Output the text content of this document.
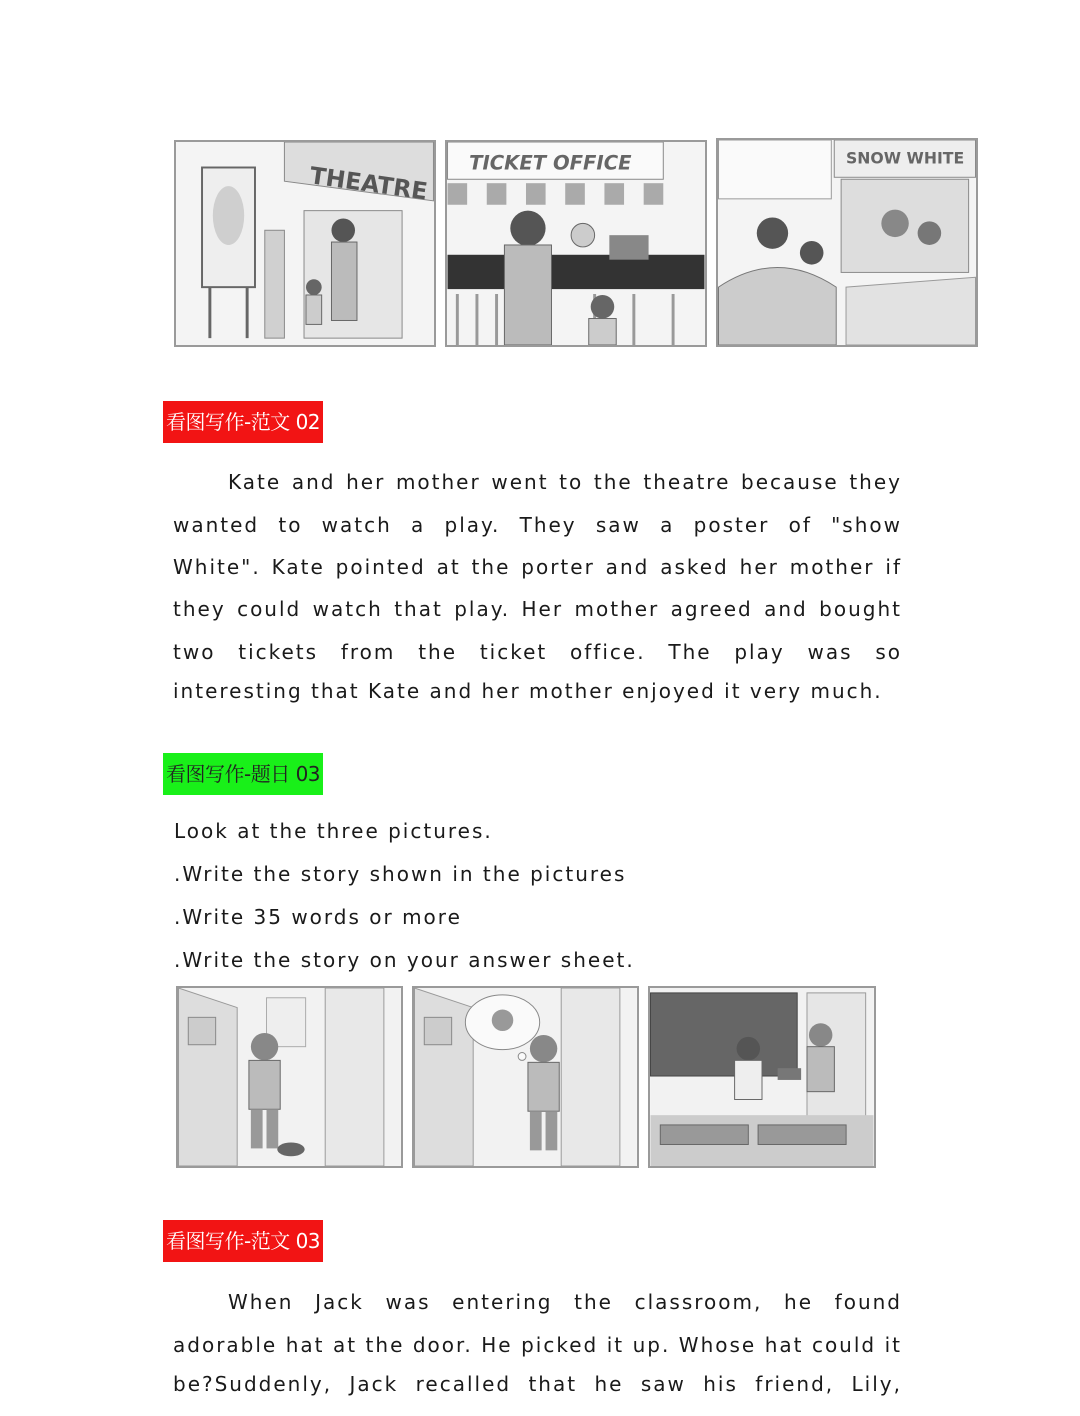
THEATRE TICKET OFFICE	SNOW WHITE
看图写作-范文 02
Kate and her mother went to the theatre because they
wanted to watch a play. They saw a poster of "show
White". Kate pointed at the porter and asked her mother if
they could watch that play. Her mother agreed and bought
two tickets from the ticket office. The play was so
interesting that Kate and her mother enjoyed it very much.
看图写作-题日 03
Look at the three pictures.
.Write the story shown in the pictures
.Write 35 words or more
.Write the story on your answer sheet.
看图写作-范文 03
When Jack was entering the classroom, he found
adorable hat at the door. He picked it up. Whose hat could it
be?Suddenly, Jack recalled that he saw his friend, Lily,
